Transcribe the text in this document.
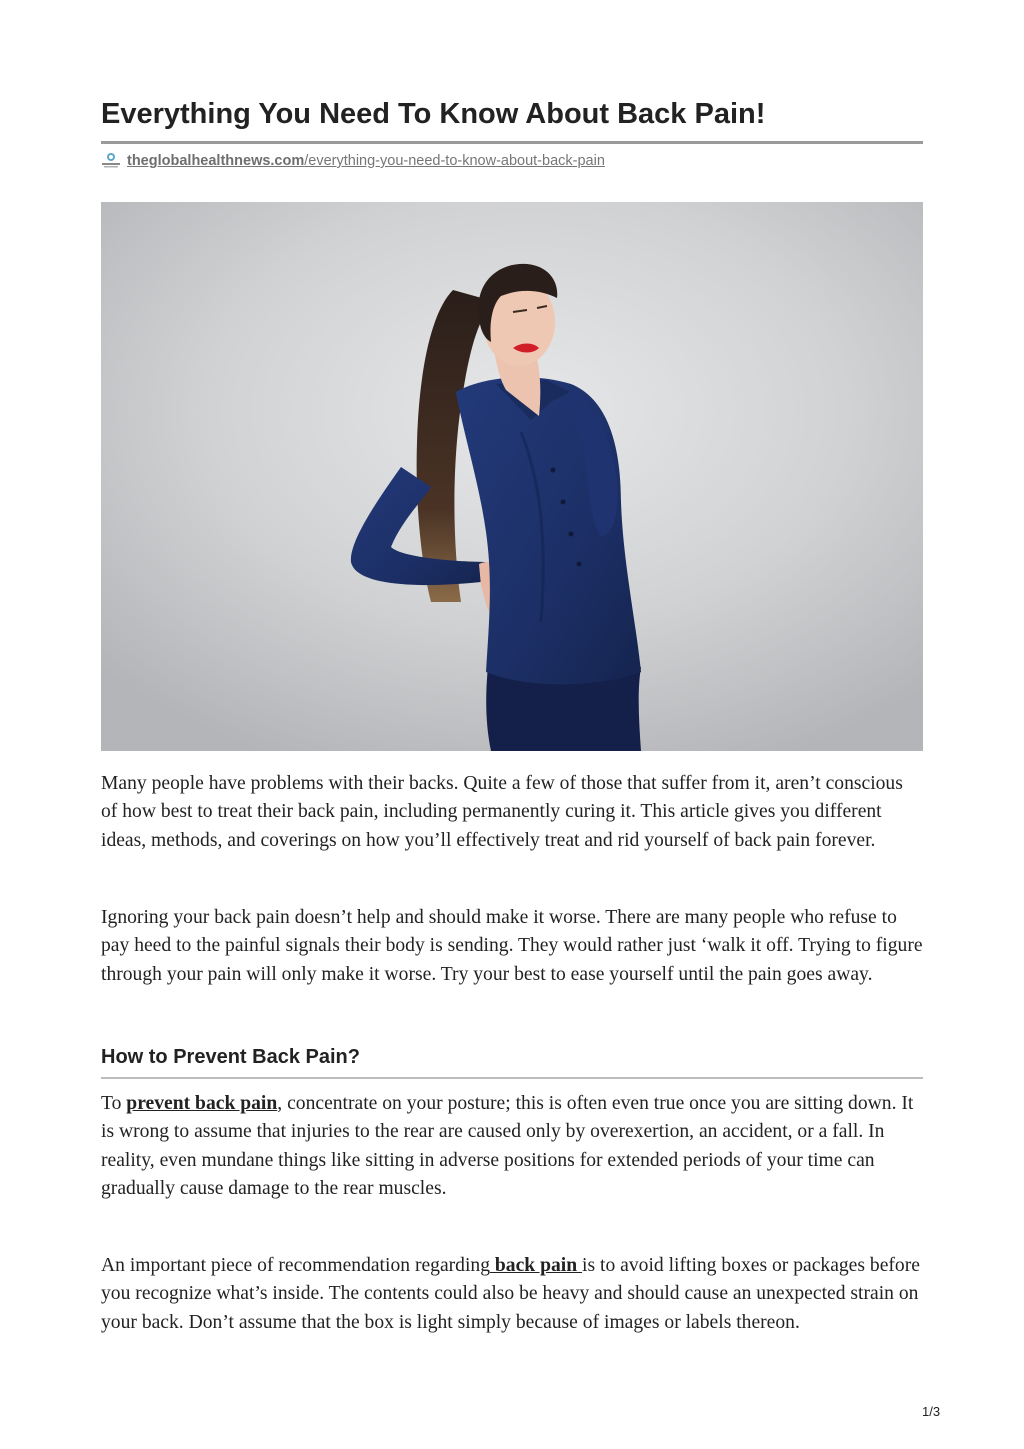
Everything You Need To Know About Back Pain!
theglobalhealthnews.com/everything-you-need-to-know-about-back-pain

Many people have problems with their backs. Quite a few of those that suffer from it, aren’t conscious of how best to treat their back pain, including permanently curing it. This article gives you different ideas, methods, and coverings on how you’ll effectively treat and rid yourself of back pain forever.

Ignoring your back pain doesn’t help and should make it worse. There are many people who refuse to pay heed to the painful signals their body is sending. They would rather just ‘walk it off. Trying to figure through your pain will only make it worse. Try your best to ease yourself until the pain goes away.

How to Prevent Back Pain?

To prevent back pain, concentrate on your posture; this is often even true once you are sitting down. It is wrong to assume that injuries to the rear are caused only by overexertion, an accident, or a fall. In reality, even mundane things like sitting in adverse positions for extended periods of your time can gradually cause damage to the rear muscles.

An important piece of recommendation regarding back pain is to avoid lifting boxes or packages before you recognize what’s inside. The contents could also be heavy and should cause an unexpected strain on your back. Don’t assume that the box is light simply because of images or labels thereon.

1/3
